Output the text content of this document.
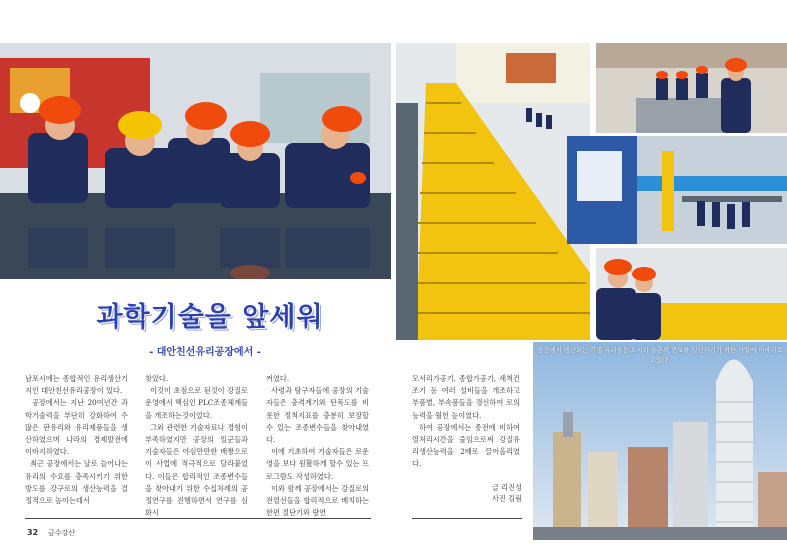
공장에서 생산되는 각종 유리들은 도시와 농촌의 면모를 일신시키기 위한 사업에 이바지로고있다.
과학기술을 앞세워
- 대안친선유리공장에서 -
남포시에는 종합적인 유리생산기지인 대안친선유리공장이 있다.
공장에서는 지난 20여년간 과학기술력을 부단히 강화하여 수많은 판유리와 유리제품들을 생산하였으며 나라의 경제발전에 이바지하였다.
최근 공장에서는 날로 늘어나는 유리의 수요를 충족시키기 위한 방도를 강구로의 생산능력을 결정적으로 높이는데서
찾았다.
이것이 초점으로 된것이 강질로운영에서 핵심인 PLC조종체계들을 개조하는것이었다.
그와 관련한 기술자료나 경험이 부족하였지만 공장의 일군들과 기술자들은 야심만만한 배짱으로 이 사업에 적극적으로 달라붙었다. 이들은 합리적인 조종변수들을 찾아내기 위한 수십차례의 공정연구를 진행하면서 연구를 심화시
켜였다.
사령과 탐구자들에 공장의 기술자들은 충격계기와 탄목도를 비롯한 정척지표를 충분히 보장할수 있는 조종변수들을 찾아내였다.
이에 기초하여 기술자들은 로운영을 보다 원활하게 할수 있는 프로그람도 작성하였다.
이와 함께 공장에서는 강질로의 전열선들을 합리적으로 배치하는 한편 절단기와 랑연
모서리가공기, 종합가공기, 세척건조기 등 여러 설비들을 개조하고 부품별, 부속품들을 갱신하여 로의 능력을 월헌 높이였다.
하여 공장에서는 종전에 비하여 열처리시간을 줄임으로써 강질유리생산능력을 2배로 끌어올리였다.
글 리진성
사진 김림
32 금수강산
